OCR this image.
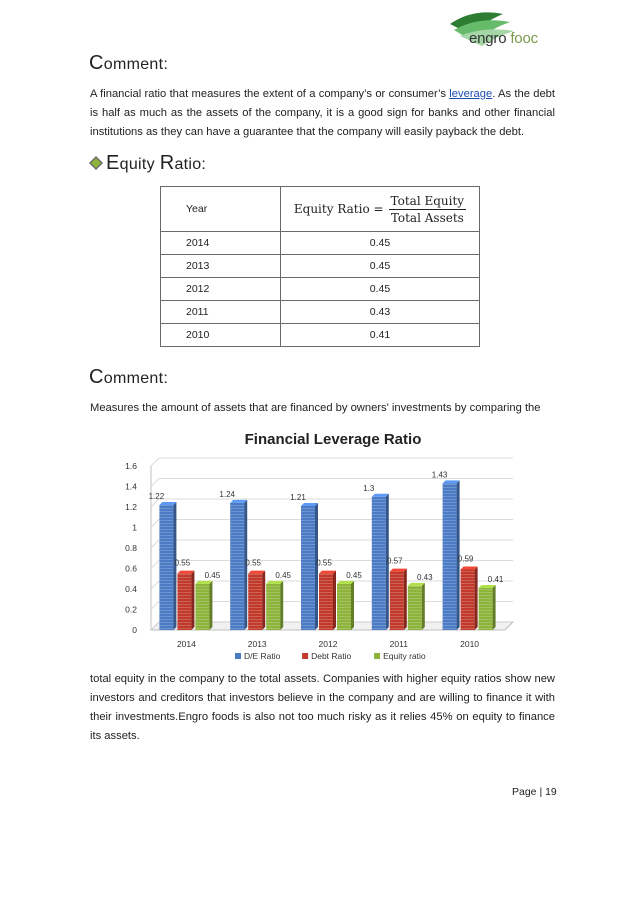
engro fooc
Comment:
A financial ratio that measures the extent of a company’s or consumer’s leverage. As the debt is half as much as the assets of the company, it is a good sign for banks and other financial institutions as they can have a guarantee that the company will easily payback the debt.
Equity Ratio:
Year	Equity Ratio = $\frac{\text{Total Equity}}{\text{Total Assets}}$

2014	0.45
2013	0.45
2012	0.45
2011	0.43
2010	0.41
Comment:
Measures the amount of assets that are financed by owners' investments by comparing the
Financial Leverage Ratio
0
0.2
0.4
0.6
0.8
1
1.2
1.4
1.6
1.22
0.55
0.45
1.24
0.55
0.45
1.21
0.55
0.45
1.3
0.57
0.43
1.43
0.59
0.41
2014	2013	2012	2011	2010
D/E Ratio	Debt Ratio	Equity ratio
total equity in the company to the total assets. Companies with higher equity ratios show new investors and creditors that investors believe in the company and are willing to finance it with their investments.Engro foods is also not too much risky as it relies 45% on equity to finance its assets.
Page | 19
